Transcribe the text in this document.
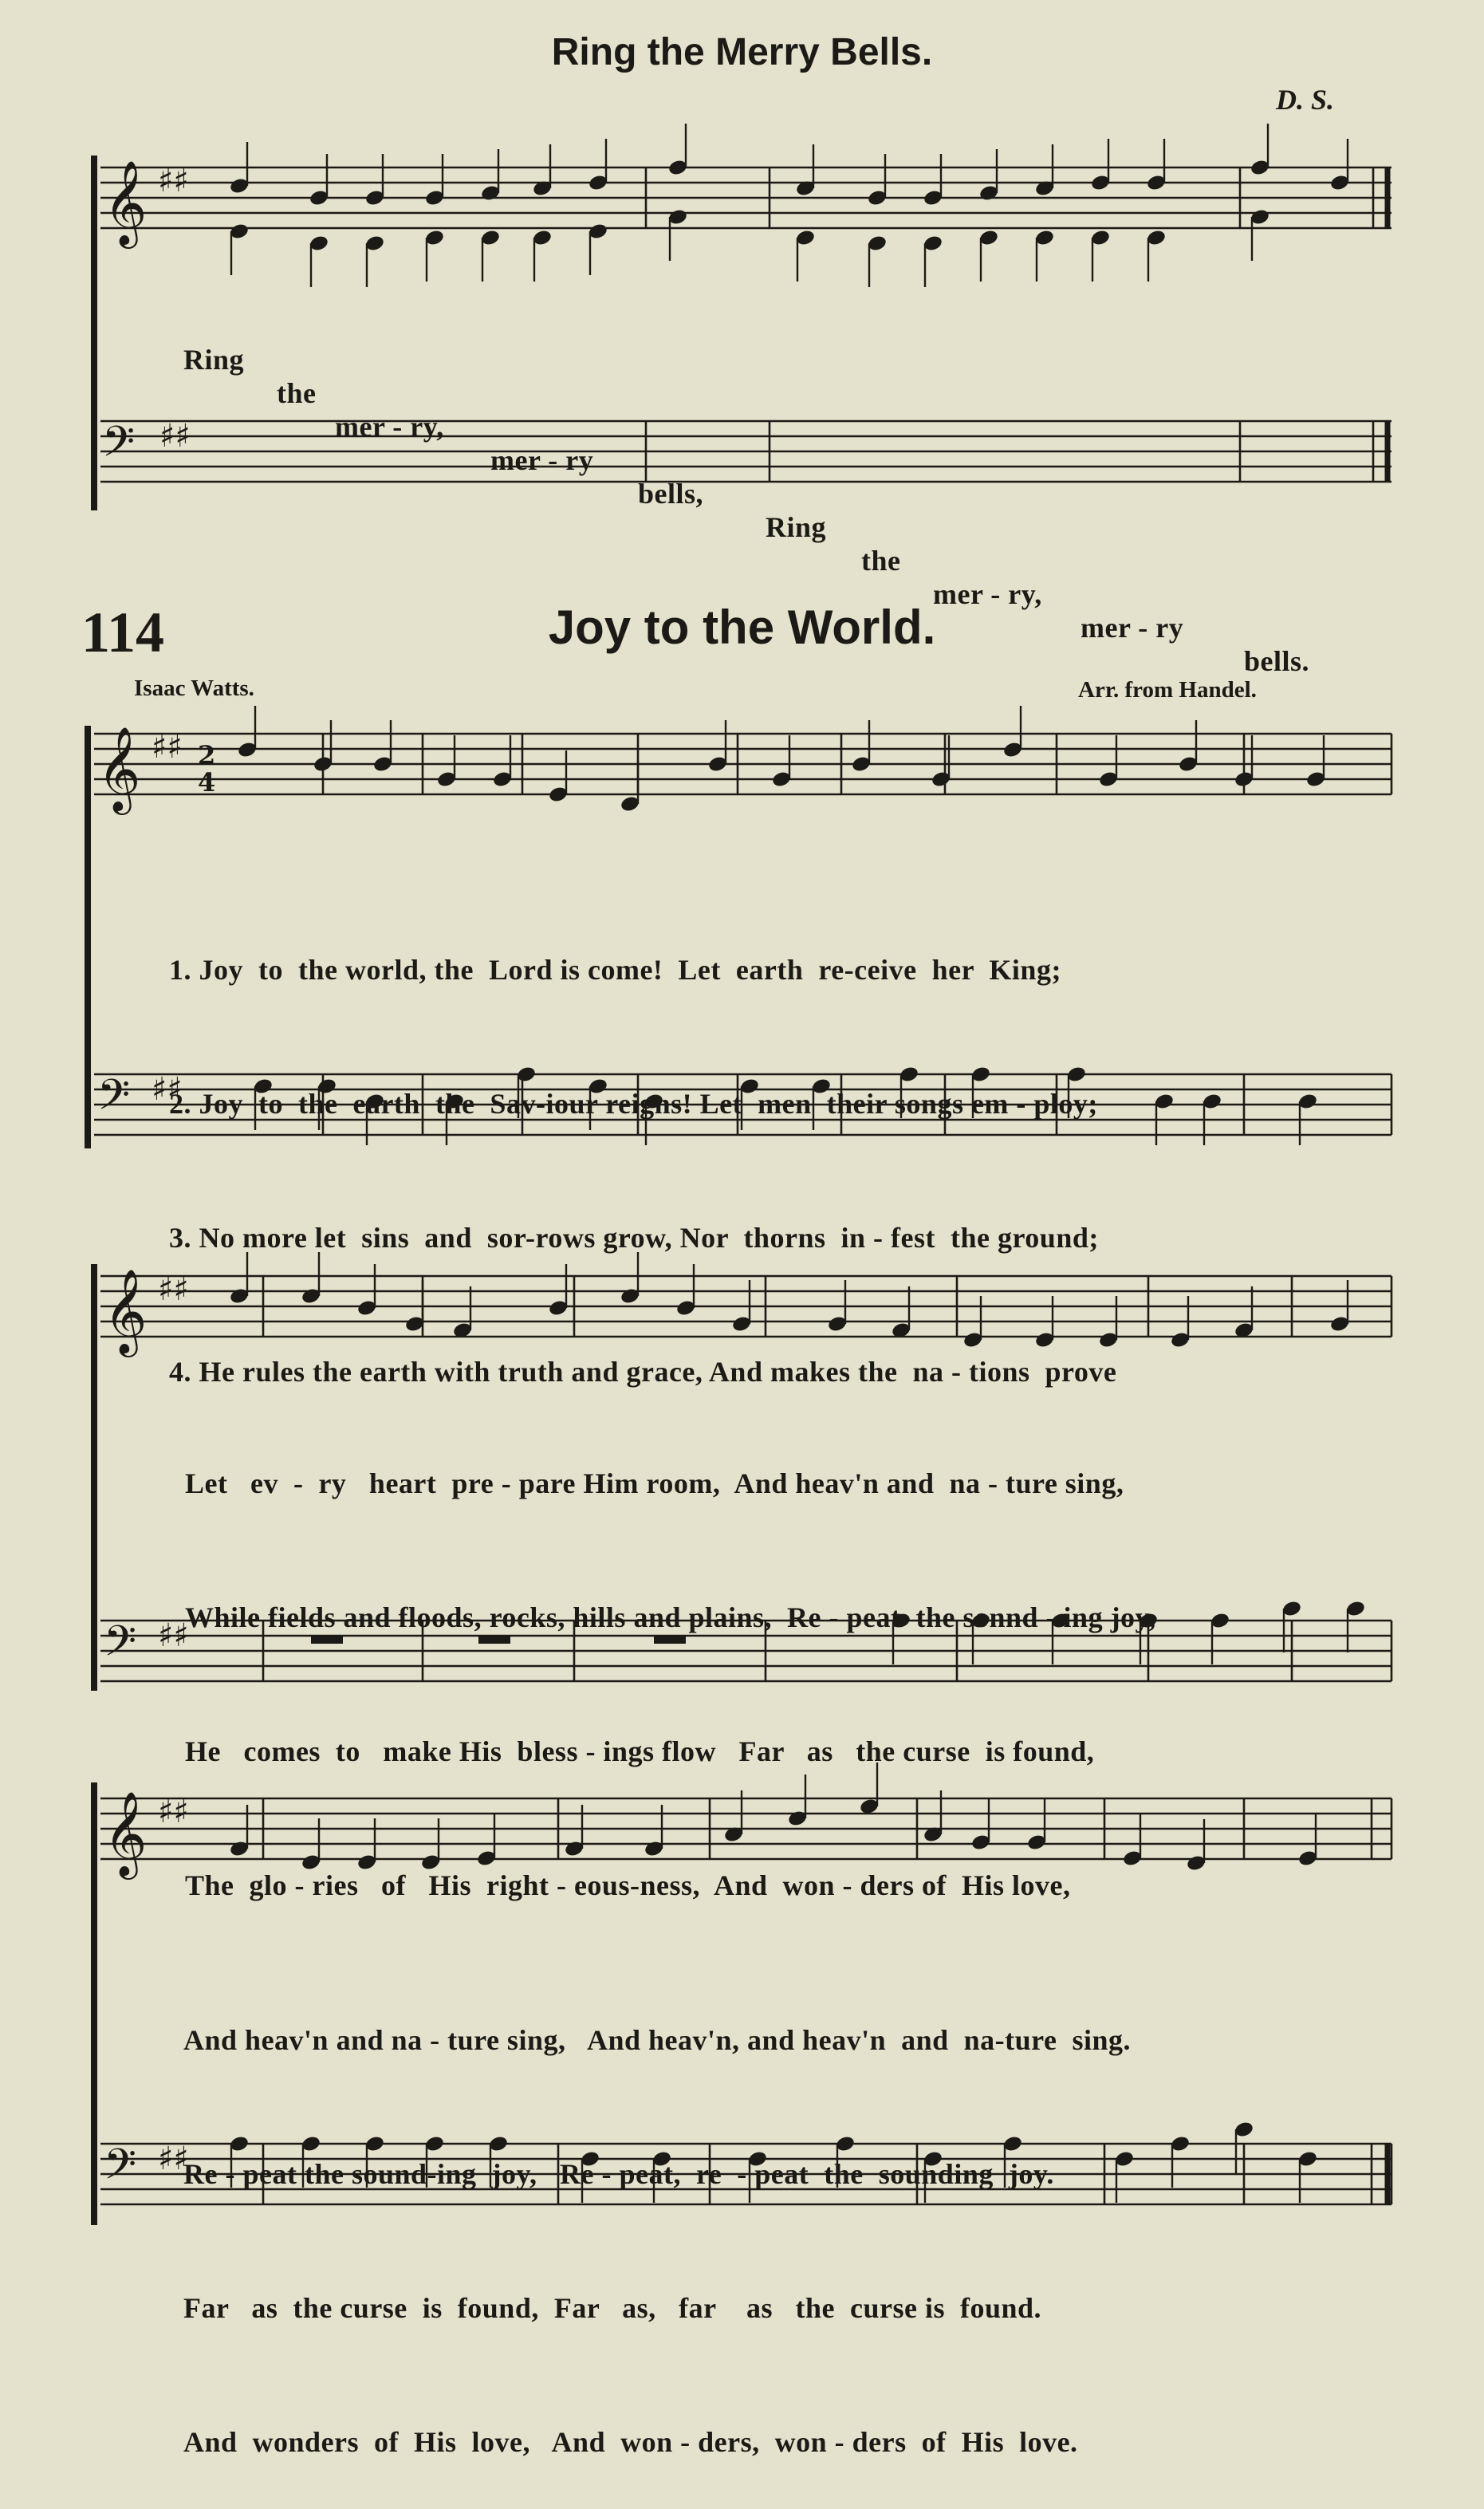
Ring the Merry Bells.
D. S.
𝄞 ♯♯

Ring

the

mer - ry,

mer - ry

bells,

Ring

the

mer - ry,

mer - ry

bells.

𝄢 ♯♯
114	Joy to the World.
Isaac Watts.	Arr. from Handel.
𝄞 ♯♯ 2
4
𝄢 ♯♯
𝄞 ♯♯
𝄢 ♯♯
𝄞 ♯♯
𝄢 ♯♯

1. Joy  to  the world, the  Lord is come!  Let  earth  re-ceive  her  King;

2. Joy  to  the  earth  the  Sav-iour reigns! Let  men  their songs em - ploy;

3. No more let  sins  and  sor-rows grow, Nor  thorns  in - fest  the ground;

4. He rules the earth with truth and grace, And makes the  na - tions  prove

Let   ev  -  ry   heart  pre - pare Him room,  And heav'n and  na - ture sing,

While fields and floods, rocks, hills and plains,  Re - peat  the sonnd - ing joy,

He   comes  to   make His  bless - ings flow   Far   as   the curse  is found,

The  glo - ries   of   His  right - eous-ness,  And  won - ders of  His love,

And heav'n and na - ture sing,   And heav'n, and heav'n  and  na-ture  sing.

Re - peat the sound-ing  joy,   Re - peat,  re  - peat  the  sounding  joy.

Far   as  the curse  is  found,  Far   as,   far    as   the  curse is  found.

And  wonders  of  His  love,   And  won - ders,  won - ders  of  His  love.
